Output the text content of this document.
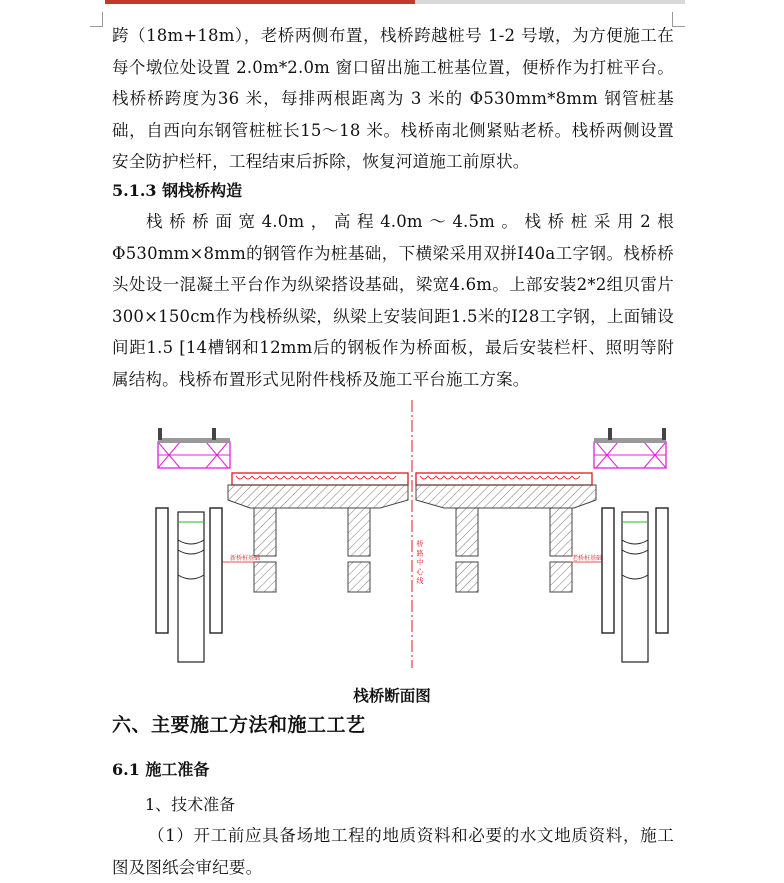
跨（18m+18m），老桥两侧布置，栈桥跨越桩号 1-2 号墩，为方便施工在每个墩位处设置 2.0m*2.0m 窗口留出施工桩基位置，便桥作为打桩平台。栈桥桥跨度为36 米，每排两根距离为 3 米的 Φ530mm*8mm 钢管桩基础，自西向东钢管桩桩长15～18 米。栈桥南北侧紧贴老桥。栈桥两侧设置安全防护栏杆，工程结束后拆除，恢复河道施工前原状。

5.1.3 钢栈桥构造

栈桥桥面宽4.0m，高程4.0m～4.5m。栈桥桩采用2根Φ530mm×8mm的钢管作为桩基础，下横梁采用双拼I40a工字钢。栈桥桥头处设一混凝土平台作为纵梁搭设基础，梁宽4.6m。上部安装2*2组贝雷片300×150cm作为栈桥纵梁，纵梁上安装间距1.5米的I28工字钢，上面铺设间距1.5 [14槽钢和12mm后的钢板作为桥面板，最后安装栏杆、照明等附属结构。栈桥布置形式见附件栈桥及施工平台施工方案。

桥 路 中 心 线
新桥桩基础	老桥桩基础
栈桥断面图
六、主要施工方法和施工工艺
6.1 施工准备

1、技术准备

（1）开工前应具备场地工程的地质资料和必要的水文地质资料，施工图及图纸会审纪要。
